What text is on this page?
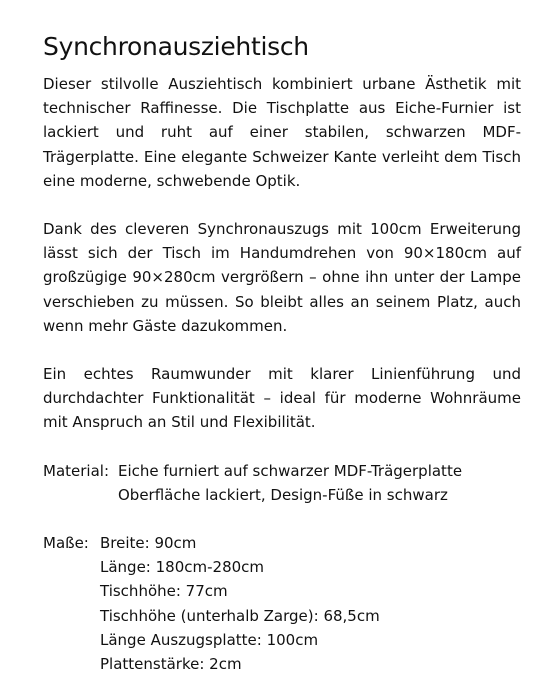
Synchronausziehtisch

Dieser stilvolle Ausziehtisch kombiniert urbane Ästhetik mit technischer Raffinesse. Die Tischplatte aus Eiche-Furnier ist lackiert und ruht auf einer stabilen, schwarzen MDF-Trägerplatte. Eine elegante Schweizer Kante verleiht dem Tisch eine moderne, schwebende Optik.

Dank des cleveren Synchronauszugs mit 100cm Erweiterung lässt sich der Tisch im Handumdrehen von 90×180cm auf großzügige 90×280cm vergrößern – ohne ihn unter der Lampe verschieben zu müssen. So bleibt alles an seinem Platz, auch wenn mehr Gäste dazukommen.

Ein echtes Raumwunder mit klarer Linienführung und durchdachter Funktionalität – ideal für moderne Wohnräume mit Anspruch an Stil und Flexibilität.

Material: Eiche furniert auf schwarzer MDF-Trägerplatte
Oberfläche lackiert, Design-Füße in schwarz
Maße: Breite: 90cm
Länge: 180cm-280cm
Tischhöhe: 77cm
Tischhöhe (unterhalb Zarge): 68,5cm
Länge Auszugsplatte: 100cm
Plattenstärke: 2cm
